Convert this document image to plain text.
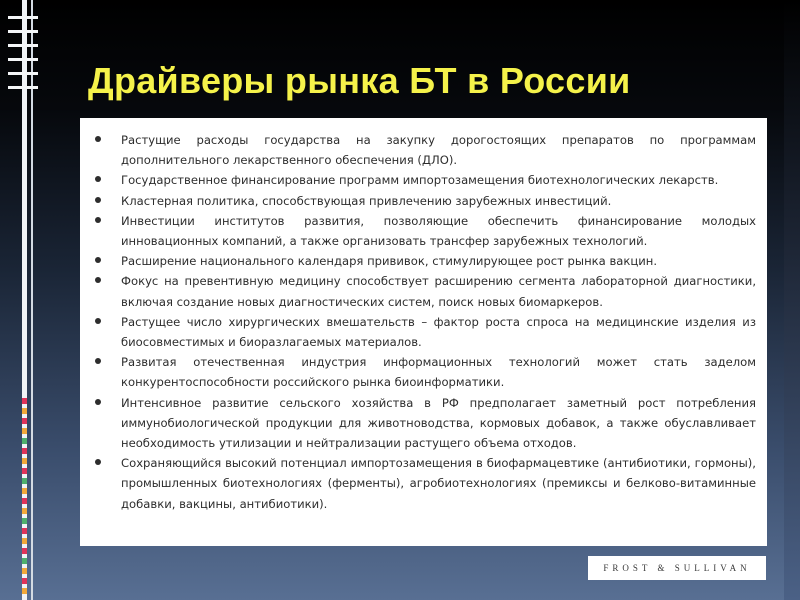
Драйверы рынка БТ в России
Растущие расходы государства на закупку дорогостоящих препаратов по программам дополнительного лекарственного обеспечения (ДЛО).
Государственное финансирование программ импортозамещения биотехнологических лекарств.
Кластерная политика, способствующая привлечению зарубежных инвестиций.
Инвестиции институтов развития, позволяющие обеспечить финансирование молодых инновационных компаний, а также организовать трансфер зарубежных технологий.
Расширение национального календаря прививок, стимулирующее рост рынка вакцин.
Фокус на превентивную медицину способствует расширению сегмента лабораторной диагностики, включая создание новых диагностических систем, поиск новых биомаркеров.
Растущее число хирургических вмешательств – фактор роста спроса на медицинские изделия из биосовместимых и биоразлагаемых материалов.
Развитая отечественная индустрия информационных технологий может стать заделом конкурентоспособности российского рынка биоинформатики.
Интенсивное развитие сельского хозяйства в РФ предполагает заметный рост потребления иммунобиологической продукции для животноводства, кормовых добавок, а также обуславливает необходимость утилизации и нейтрализации растущего объема отходов.
Сохраняющийся высокий потенциал импортозамещения в биофармацевтике (антибиотики, гормоны), промышленных биотехнологиях (ферменты), агробиотехнологиях (премиксы и белково-витаминные добавки, вакцины, антибиотики).
FROST & SULLIVAN
